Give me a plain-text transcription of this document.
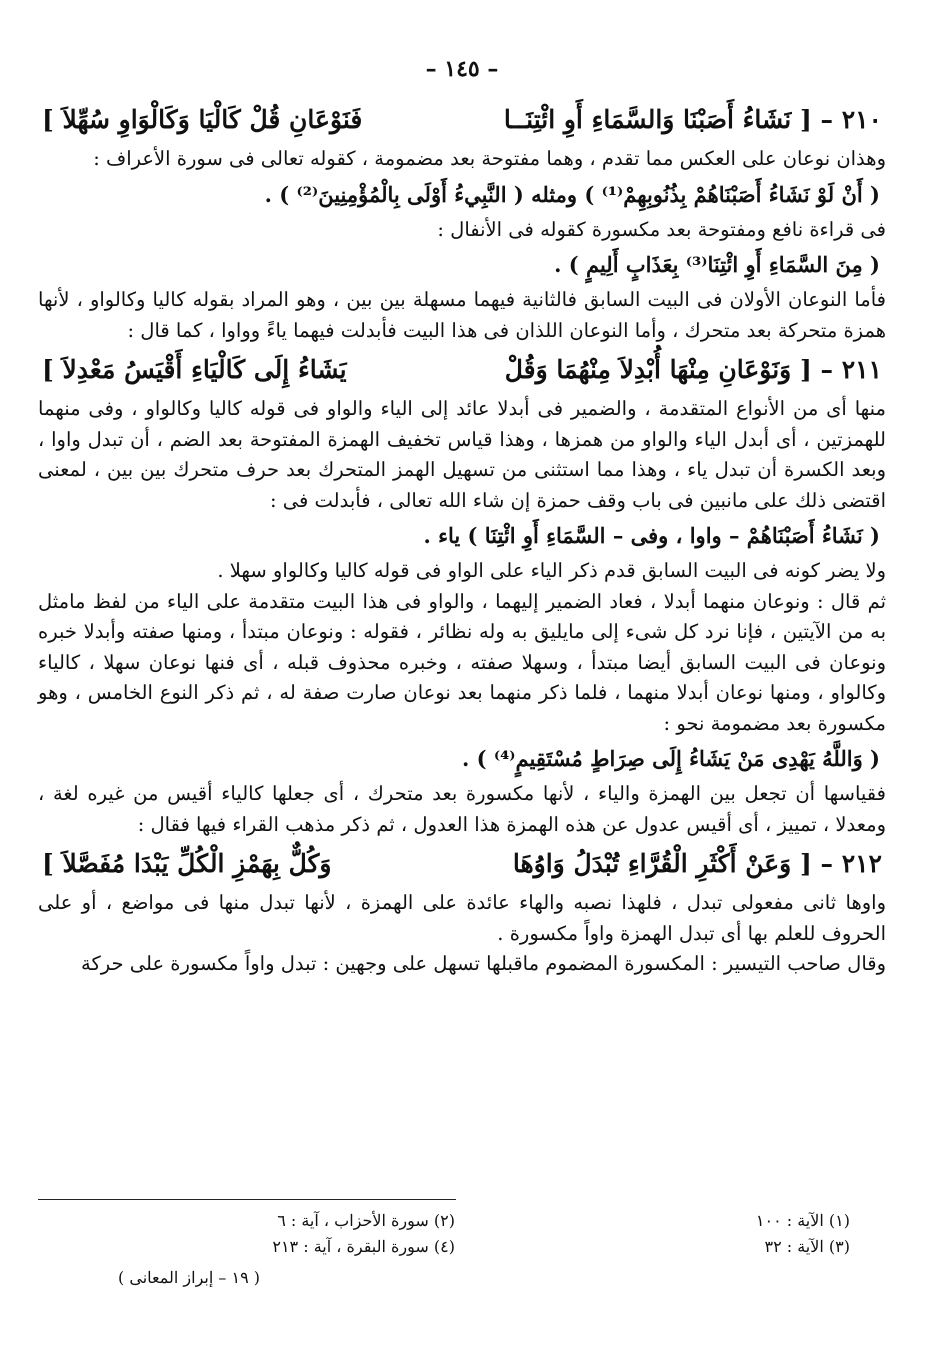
– ١٤٥ –
٢١٠ – [ نَشَاءُ أَصَبْنَا وَالسَّمَاءِ أَوِ ائْتِنَــا
فَنَوْعَانِ قُلْ كَالْيَا وَكَالْوَاوِ سُهِّلاَ ]

وهذان نوعان على العكس مما تقدم ، وهما مفتوحة بعد مضمومة ، كقوله تعالى فى سورة الأعراف :

( أَنْ لَوْ نَشَاءُ أَصَبْنَاهُمْ بِذُنُوبِهِمْ⁽¹⁾ ) ومثله ( النَّبِيءُ أَوْلَى بِالْمُؤْمِنِينَ⁽²⁾ ) .

فى قراءة نافع ومفتوحة بعد مكسورة كقوله فى الأنفال :

( مِنَ السَّمَاءِ أَوِ ائْتِنَا⁽³⁾ بِعَذَابٍ أَلِيمٍ ) .

فأما النوعان الأولان فى البيت السابق فالثانية فيهما مسهلة بين بين ، وهو المراد بقوله كاليا وكالواو ، لأنها همزة متحركة بعد متحرك ، وأما النوعان اللذان فى هذا البيت فأبدلت فيهما ياءً وواوا ، كما قال :

٢١١ – [ وَنَوْعَانِ مِنْهَا أُبْدِلاَ مِنْهُمَا وَقُلْ
يَشَاءُ إِلَى كَالْيَاءِ أَقْيَسُ مَعْدِلاَ ]

منها أى من الأنواع المتقدمة ، والضمير فى أبدلا عائد إلى الياء والواو فى قوله كاليا وكالواو ، وفى منهما للهمزتين ، أى أبدل الياء والواو من همزها ، وهذا قياس تخفيف الهمزة المفتوحة بعد الضم ، أن تبدل واوا ، وبعد الكسرة أن تبدل ياء ، وهذا مما استثنى من تسهيل الهمز المتحرك بعد حرف متحرك بين بين ، لمعنى اقتضى ذلك على مانبين فى باب وقف حمزة إن شاء الله تعالى ، فأبدلت فى :

( نَشَاءُ أَصَبْنَاهُمْ – واوا ، وفى – السَّمَاءِ أَوِ ائْتِنَا ) ياء .

ولا يضر كونه فى البيت السابق قدم ذكر الياء على الواو فى قوله كاليا وكالواو سهلا .

ثم قال : ونوعان منهما أبدلا ، فعاد الضمير إليهما ، والواو فى هذا البيت متقدمة على الياء من لفظ مامثل به من الآيتين ، فإنا نرد كل شىء إلى مايليق به وله نظائر ، فقوله : ونوعان مبتدأ ، ومنها صفته وأبدلا خبره ونوعان فى البيت السابق أيضا مبتدأ ، وسهلا صفته ، وخبره محذوف قبله ، أى فنها نوعان سهلا ، كالياء وكالواو ، ومنها نوعان أبدلا منهما ، فلما ذكر منهما بعد نوعان صارت صفة له ، ثم ذكر النوع الخامس ، وهو مكسورة بعد مضمومة نحو :

( وَاللَّهُ يَهْدِى مَنْ يَشَاءُ إِلَى صِرَاطٍ مُسْتَقِيمٍ⁽⁴⁾ ) .

فقياسها أن تجعل بين الهمزة والياء ، لأنها مكسورة بعد متحرك ، أى جعلها كالياء أقيس من غيره لغة ، ومعدلا ، تمييز ، أى أقيس عدول عن هذه الهمزة هذا العدول ، ثم ذكر مذهب القراء فيها فقال :

٢١٢ – [ وَعَنْ أَكْثَرِ الْقُرَّاءِ تُبْدَلُ وَاوُهَا
وَكُلٌّ بِهَمْزِ الْكُلِّ يَبْدَا مُفَصَّلاَ ]

واوها ثانى مفعولى تبدل ، فلهذا نصبه والهاء عائدة على الهمزة ، لأنها تبدل منها فى مواضع ، أو على الحروف للعلم بها أى تبدل الهمزة واواً مكسورة .

وقال صاحب التيسير : المكسورة المضموم ماقبلها تسهل على وجهين : تبدل واواً مكسورة على حركة

(١) الآية : ١٠٠
(٢) سورة الأحزاب ، آية : ٦
(٣) الآية : ٣٢
(٤) سورة البقرة ، آية : ٢١٣
( ١٩ – إبراز المعانى )
